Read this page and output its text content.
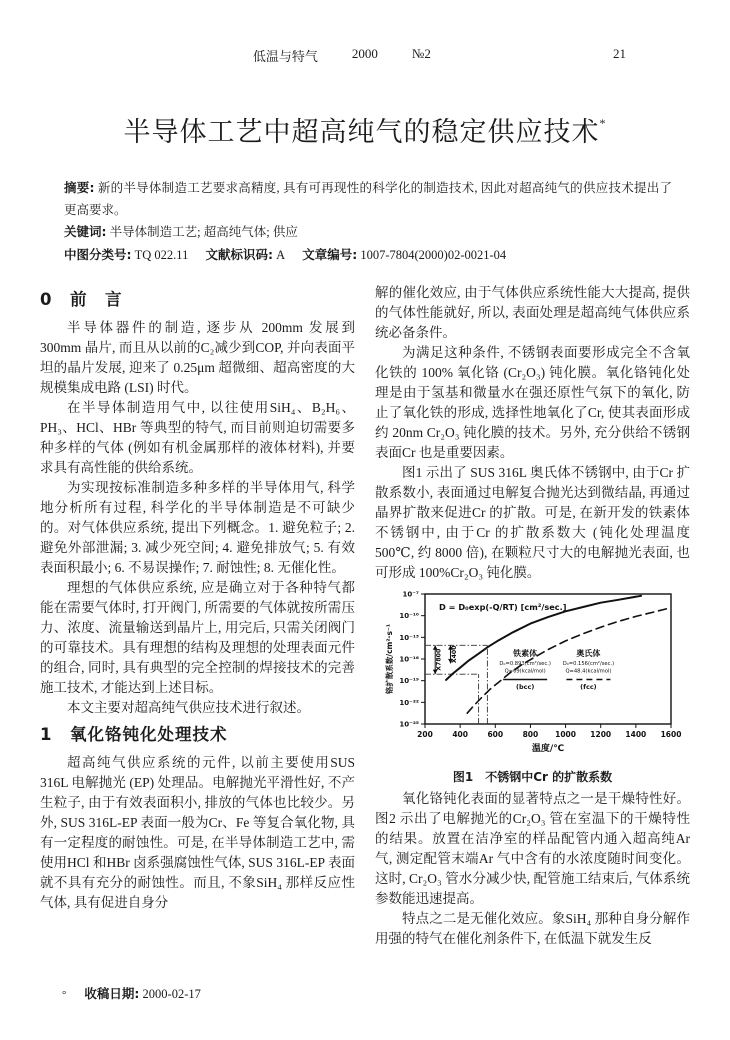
低温与特气	2000	№2	21
半导体工艺中超高纯气的稳定供应技术*

摘要: 新的半导体制造工艺要求高精度, 具有可再现性的科学化的制造技术, 因此对超高纯气的供应技术提出了更高要求。

关键词: 半导体制造工艺; 超高纯气体; 供应

中图分类号: TQ 022.11 文献标识码: A 文章编号: 1007-7804(2000)02-0021-04

0　前　言

半导体器件的制造, 逐步从 200mm 发展到 300mm 晶片, 而且从以前的C₂减少到COP, 并向表面平坦的晶片发展, 迎来了 0.25μm 超微细、超高密度的大规模集成电路 (LSI) 时代。

在半导体制造用气中, 以往使用SiH₄、B₂H₆、PH₃、HCl、HBr 等典型的特气, 而目前则迫切需要多种多样的气体 (例如有机金属那样的液体材料), 并要求具有高性能的供给系统。

为实现按标准制造多种多样的半导体用气, 科学地分析所有过程, 科学化的半导体制造是不可缺少的。对气体供应系统, 提出下列概念。1. 避免粒子; 2. 避免外部泄漏; 3. 减少死空间; 4. 避免排放气; 5. 有效表面积最小; 6. 不易误操作; 7. 耐蚀性; 8. 无催化性。

理想的气体供应系统, 应是确立对于各种特气都能在需要气体时, 打开阀门, 所需要的气体就按所需压力、浓度、流量输送到晶片上, 用完后, 只需关闭阀门的可靠技术。具有理想的结构及理想的处理表面元件的组合, 同时, 具有典型的完全控制的焊接技术的完善施工技术, 才能达到上述目标。

本文主要对超高纯气供应技术进行叙述。

1　氧化铬钝化处理技术

超高纯气供应系统的元件, 以前主要使用SUS 316L 电解抛光 (EP) 处理品。电解抛光平滑性好, 不产生粒子, 由于有效表面积小, 排放的气体也比较少。另外, SUS 316L-EP 表面一般为Cr、Fe 等复合氧化物, 具有一定程度的耐蚀性。可是, 在半导体制造工艺中, 需使用HCl 和HBr 卤系强腐蚀性气体, SUS 316L-EP 表面就不具有充分的耐蚀性。而且, 不象SiH₄ 那样反应性气体, 具有促进自身分

解的催化效应, 由于气体供应系统性能大大提高, 提供的气体性能就好, 所以, 表面处理是超高纯气体供应系统必备条件。

为满足这种条件, 不锈钢表面要形成完全不含氧化铁的 100% 氧化铬 (Cr₂O₃) 钝化膜。氧化铬钝化处理是由于氢基和微量水在强还原性气氛下的氧化, 防止了氧化铁的形成, 选择性地氧化了Cr, 使其表面形成约 20nm Cr₂O₃ 钝化膜的技术。另外, 充分供给不锈钢表面Cr 也是重要因素。

图1 示出了 SUS 316L 奥氏体不锈钢中, 由于Cr 扩散系数小, 表面通过电解复合抛光达到微结晶, 再通过晶界扩散来促进Cr 的扩散。可是, 在新开发的铁素体不锈钢中, 由于Cr 的扩散系数大 (钝化处理温度 500℃, 约 8000 倍), 在颗粒尺寸大的电解抛光表面, 也可形成 100%Cr₂O₃ 钝化膜。

10⁻⁷
10⁻¹⁰
10⁻¹³
10⁻¹⁶
10⁻¹⁹
10⁻²²
10⁻²⁵
200	400	600	800 1000 1200 1400 1600
温度/℃
铬扩散系数/cm²·s⁻¹
D = D₀exp(-Q/RT) [cm²/sec.]
X7800 X400	铁素体
D₀=0.893(cm²/sec.)
Q=69(kcal/mol)
(bcc)
奥氏体
D₀=0.156(cm²/sec.)
Q=48.4(kcal/mol)
(fcc)
图1　不锈钢中Cr 的扩散系数

氧化铬钝化表面的显著特点之一是干燥特性好。图2 示出了电解抛光的Cr₂O₃ 管在室温下的干燥特性的结果。放置在洁净室的样品配管内通入超高纯Ar 气, 测定配管末端Ar 气中含有的水浓度随时间变化。这时, Cr₂O₃ 管水分减少快, 配管施工结束后, 气体系统参数能迅速提高。

特点之二是无催化效应。象SiH₄ 那种自身分解作用强的特气在催化剂条件下, 在低温下就发生反

° 收稿日期: 2000-02-17
